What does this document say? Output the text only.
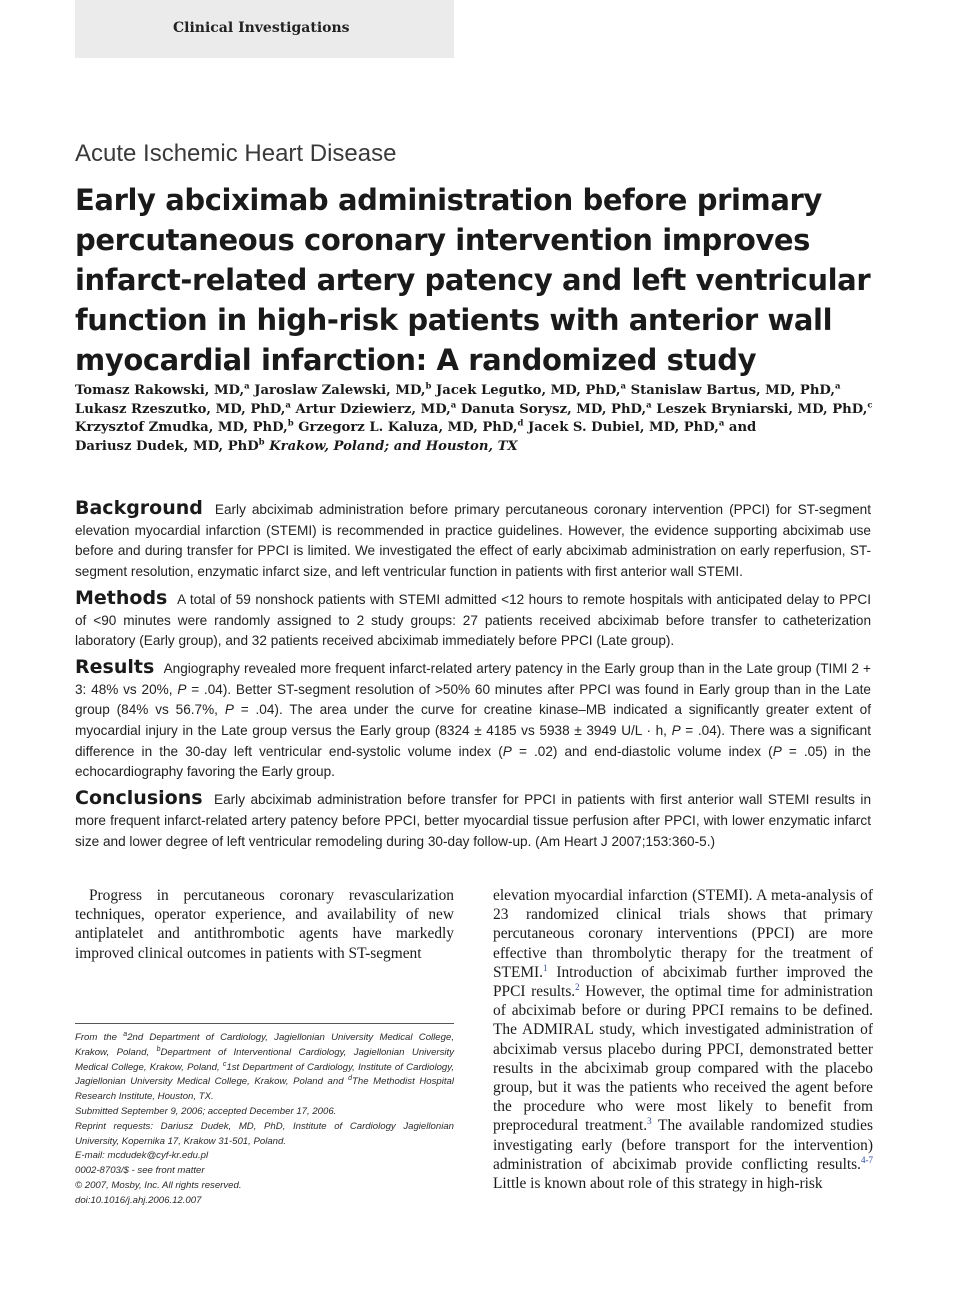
Clinical Investigations
Acute Ischemic Heart Disease
Early abciximab administration before primary percutaneous coronary intervention improves infarct-related artery patency and left ventricular function in high-risk patients with anterior wall myocardial infarction: A randomized study
Tomasz Rakowski, MD,$^a$ Jaroslaw Zalewski, MD,$^b$ Jacek Legutko, MD, PhD,$^a$ Stanislaw Bartus, MD, PhD,$^a$
Lukasz Rzeszutko, MD, PhD,$^a$ Artur Dziewierz, MD,$^a$ Danuta Sorysz, MD, PhD,$^a$ Leszek Bryniarski, MD, PhD,$^c$
Krzysztof Zmudka, MD, PhD,$^b$ Grzegorz L. Kaluza, MD, PhD,$^d$ Jacek S. Dubiel, MD, PhD,$^a$ and
Dariusz Dudek, MD, PhD$^b$ Krakow, Poland; and Houston, TX

Background Early abciximab administration before primary percutaneous coronary intervention (PPCI) for ST-segment elevation myocardial infarction (STEMI) is recommended in practice guidelines. However, the evidence supporting abciximab use before and during transfer for PPCI is limited. We investigated the effect of early abciximab administration on early reperfusion, ST-segment resolution, enzymatic infarct size, and left ventricular function in patients with first anterior wall STEMI.

Methods A total of 59 nonshock patients with STEMI admitted <12 hours to remote hospitals with anticipated delay to PPCI of <90 minutes were randomly assigned to 2 study groups: 27 patients received abciximab before transfer to catheterization laboratory (Early group), and 32 patients received abciximab immediately before PPCI (Late group).

Results Angiography revealed more frequent infarct-related artery patency in the Early group than in the Late group (TIMI 2 + 3: 48% vs 20%, P = .04). Better ST-segment resolution of >50% 60 minutes after PPCI was found in Early group than in the Late group (84% vs 56.7%, P = .04). The area under the curve for creatine kinase–MB indicated a significantly greater extent of myocardial injury in the Late group versus the Early group (8324 ± 4185 vs 5938 ± 3949 U/L · h, P = .04). There was a significant difference in the 30-day left ventricular end-systolic volume index (P = .02) and end-diastolic volume index (P = .05) in the echocardiography favoring the Early group.

Conclusions Early abciximab administration before transfer for PPCI in patients with first anterior wall STEMI results in more frequent infarct-related artery patency before PPCI, better myocardial tissue perfusion after PPCI, with lower enzymatic infarct size and lower degree of left ventricular remodeling during 30-day follow-up. (Am Heart J 2007;153:360-5.)

Progress in percutaneous coronary revascularization techniques, operator experience, and availability of new antiplatelet and antithrombotic agents have markedly improved clinical outcomes in patients with ST-segment

From the $^a$2nd Department of Cardiology, Jagiellonian University Medical College, Krakow, Poland, $^b$Department of Interventional Cardiology, Jagiellonian University Medical College, Krakow, Poland, $^c$1st Department of Cardiology, Institute of Cardiology, Jagiellonian University Medical College, Krakow, Poland and $^d$The Methodist Hospital Research Institute, Houston, TX.

Submitted September 9, 2006; accepted December 17, 2006.

Reprint requests: Dariusz Dudek, MD, PhD, Institute of Cardiology Jagiellonian University, Kopernika 17, Krakow 31-501, Poland.

E-mail: mcdudek@cyf-kr.edu.pl

0002-8703/$ - see front matter

© 2007, Mosby, Inc. All rights reserved.

doi:10.1016/j.ahj.2006.12.007

elevation myocardial infarction (STEMI). A meta-analysis of 23 randomized clinical trials shows that primary percutaneous coronary interventions (PPCI) are more effective than thrombolytic therapy for the treatment of STEMI.$^1$ Introduction of abciximab further improved the PPCI results.$^2$ However, the optimal time for administration of abciximab before or during PPCI remains to be defined. The ADMIRAL study, which investigated administration of abciximab versus placebo during PPCI, demonstrated better results in the abciximab group compared with the placebo group, but it was the patients who received the agent before the procedure who were most likely to benefit from preprocedural treatment.$^3$ The available randomized studies investigating early (before transport for the intervention) administration of abciximab provide conflicting results.$^{4-7}$ Little is known about role of this strategy in high-risk
